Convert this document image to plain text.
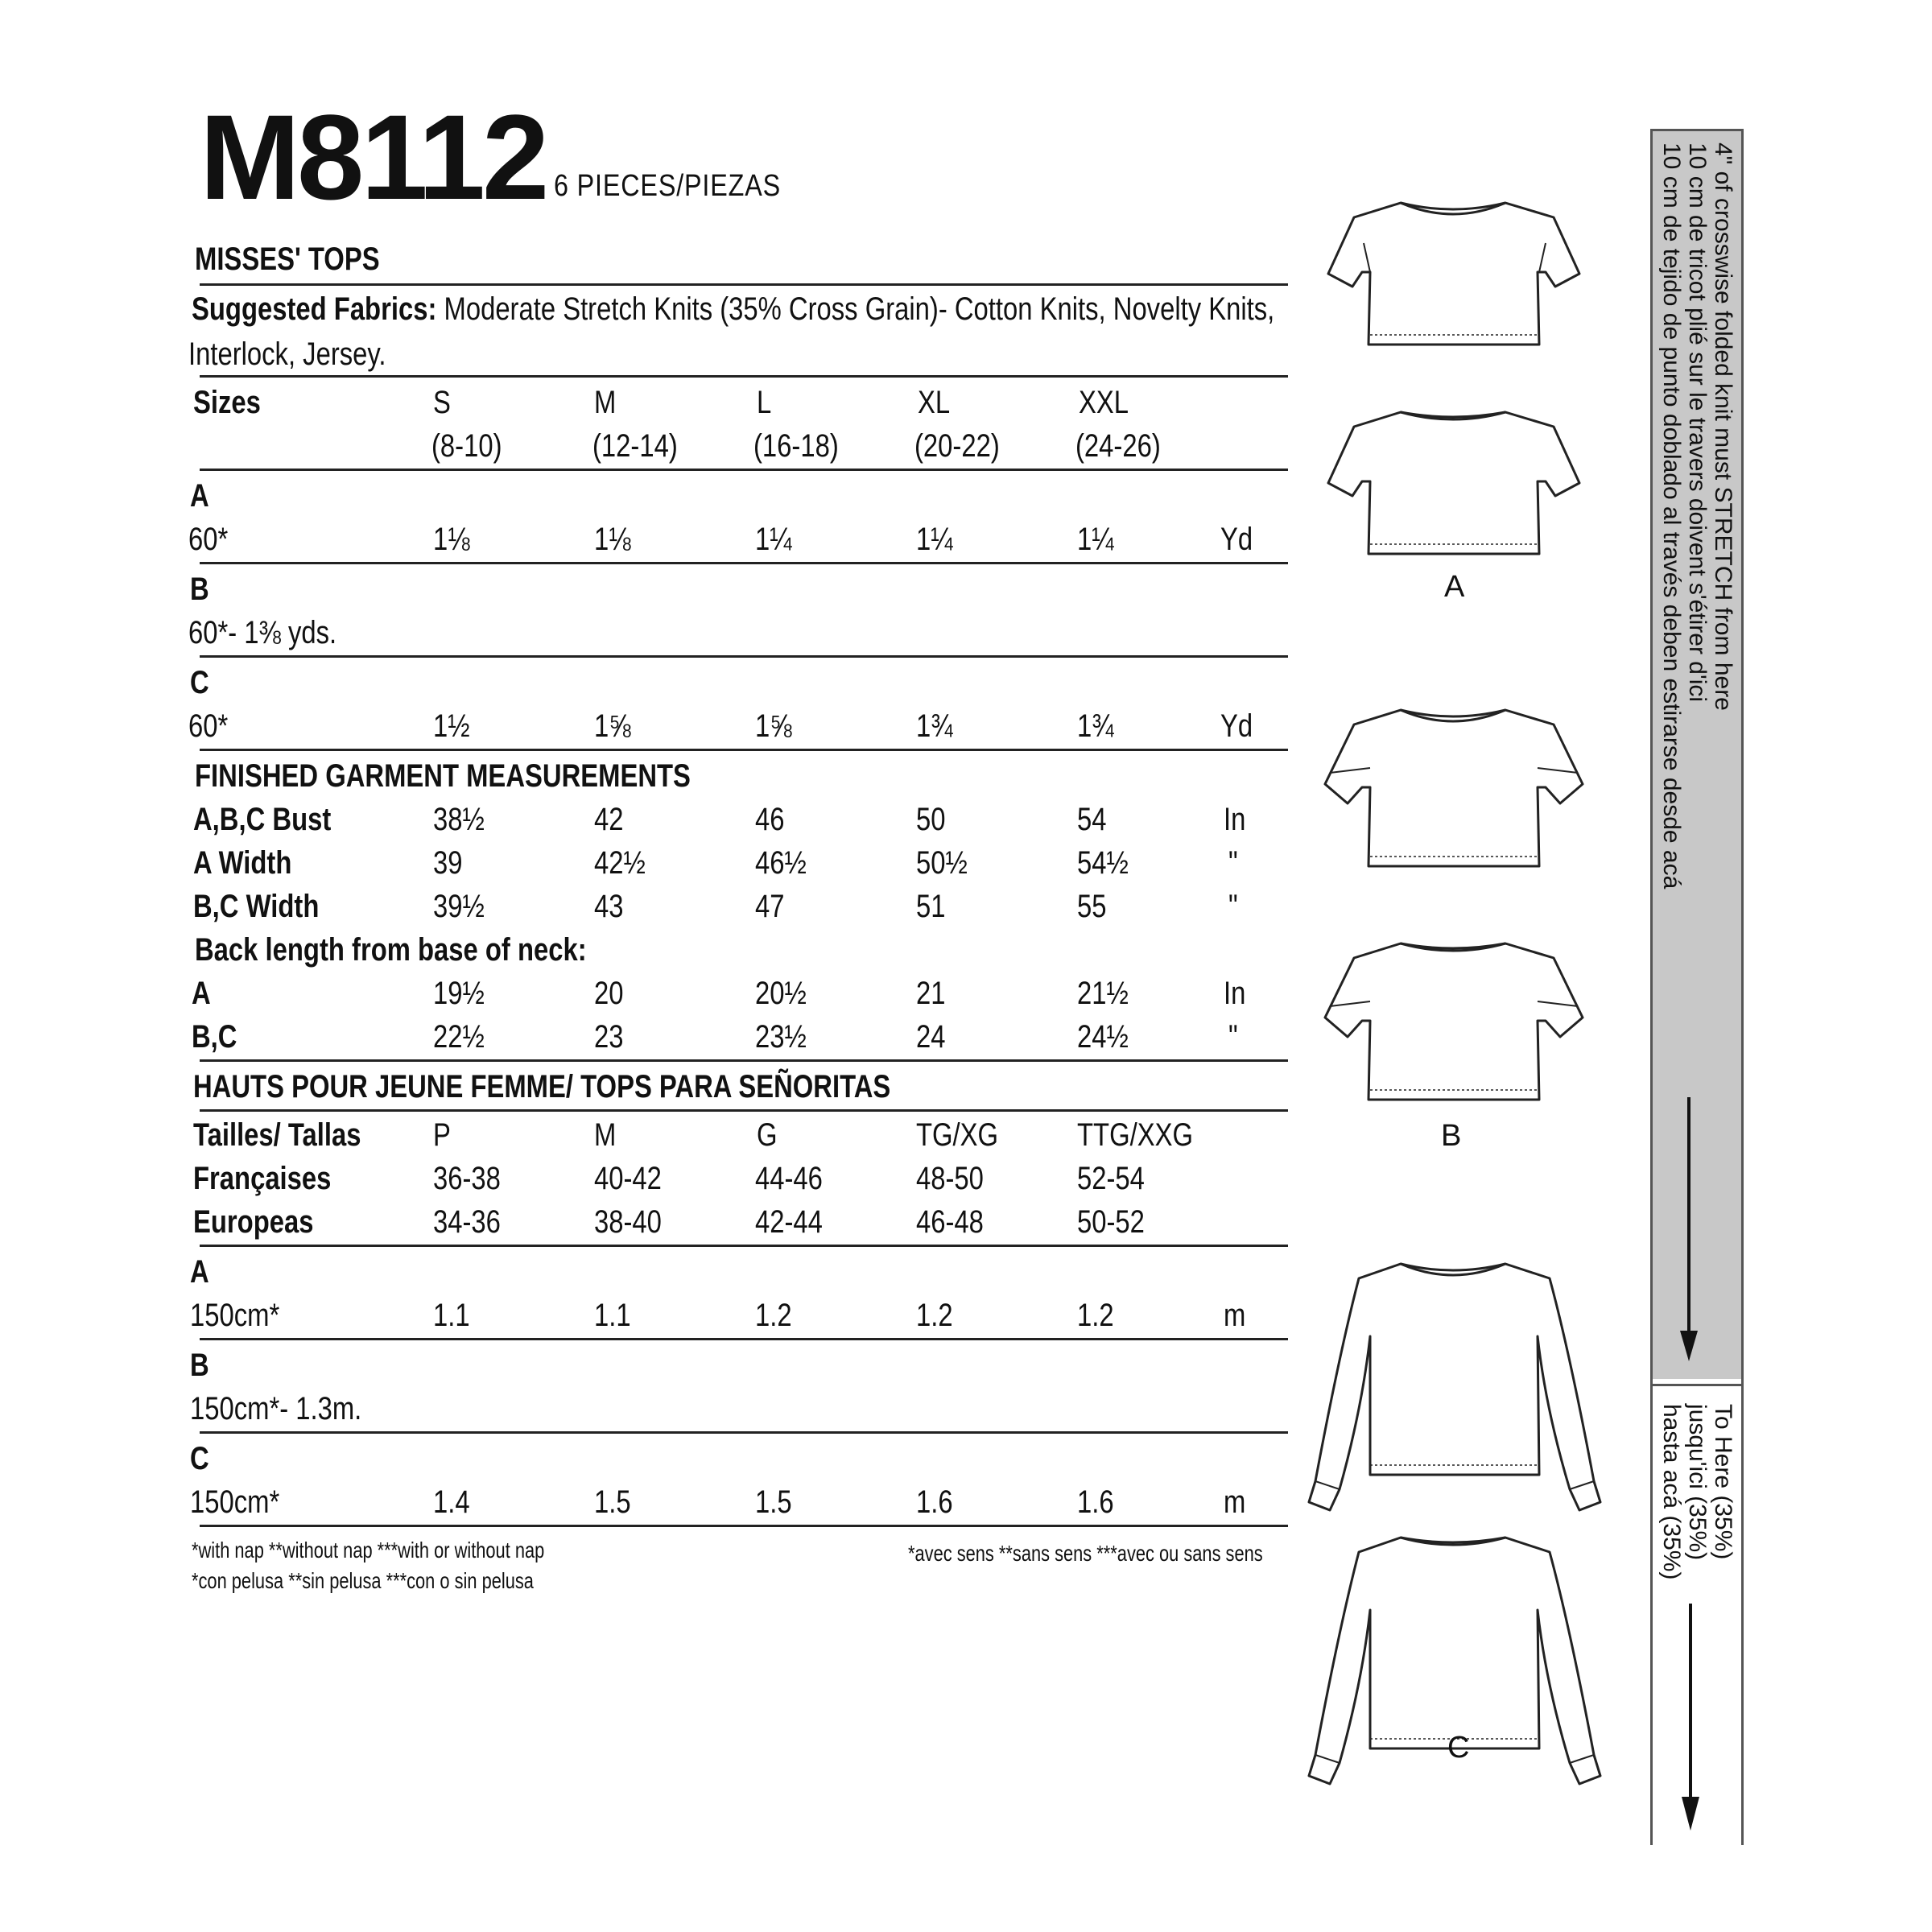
M8112 6 PIECES/PIEZAS
MISSES' TOPS
Suggested Fabrics: Moderate Stretch Knits (35% Cross Grain)- Cotton Knits, Novelty Knits,
Interlock, Jersey.
Sizes	S	M	L	XL	XXL
(8-10)	(12-14) (16-18) (20-22) (24-26)
A
60*	1⅛	1⅛	1¼	1¼	1¼	Yd
B
60*- 1⅜ yds.
C
60*	1½	1⅝	1⅝	1¾	1¾	Yd
FINISHED GARMENT MEASUREMENTS
A,B,C Bust	38½	42	46	50	54	In
A Width	39	42½	46½	50½	54½	"
B,C Width	39½	43	47	51	55	"
Back length from base of neck:
A	19½	20	20½	21	21½	In
B,C	22½	23	23½	24	24½	"
HAUTS POUR JEUNE FEMME/ TOPS PARA SEÑORITAS
Tailles/ Tallas P	M	G	TG/XG TTG/XXG
Françaises	36-38	40-42	44-46	48-50	52-54
Europeas	34-36	38-40	42-44	46-48	50-52
A
150cm*	1.1	1.1	1.2	1.2	1.2	m
B
150cm*- 1.3m.
C
150cm*	1.4	1.5	1.5	1.6	1.6	m
*with nap **without nap ***with or without nap
*con pelusa **sin pelusa ***con o sin pelusa
*avec sens **sans sens ***avec ou sans sens
A
B
C
4" of crosswise folded knit must STRETCH from here
10 cm de tricot plié sur le travers doivent s'étirer d'ici
10 cm de tejido de punto doblado al través deben estirarse desde acá
To Here (35%)
jusqu'ici (35%)
hasta acá (35%)
